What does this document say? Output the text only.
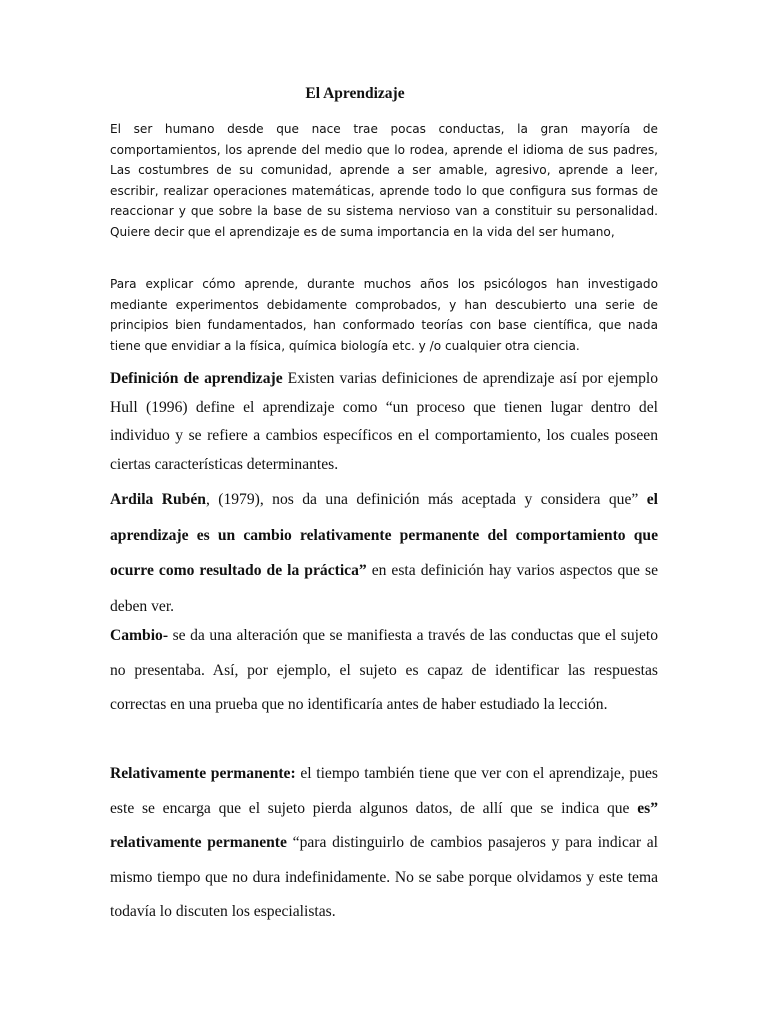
El Aprendizaje

El ser humano desde que nace trae pocas conductas, la gran mayoría de comportamientos, los aprende del medio que lo rodea, aprende el idioma de sus padres, Las costumbres de su comunidad, aprende a ser amable, agresivo, aprende a leer, escribir, realizar operaciones matemáticas, aprende todo lo que configura sus formas de reaccionar y que sobre la base de su sistema nervioso van a constituir su personalidad. Quiere decir que el aprendizaje es de suma importancia en la vida del ser humano,

Para explicar cómo aprende, durante muchos años los psicólogos han investigado mediante experimentos debidamente comprobados, y han descubierto una serie de principios bien fundamentados, han conformado teorías con base científica, que nada tiene que envidiar a la física, química biología etc. y /o cualquier otra ciencia.

Definición de aprendizaje Existen varias definiciones de aprendizaje así por ejemplo Hull (1996) define el aprendizaje como “un proceso que tienen lugar dentro del individuo y se refiere a cambios específicos en el comportamiento, los cuales poseen ciertas características determinantes.

Ardila Rubén, (1979), nos da una definición más aceptada y considera que” el aprendizaje es un cambio relativamente permanente del comportamiento que ocurre como resultado de la práctica” en esta definición hay varios aspectos que se deben ver.

Cambio- se da una alteración que se manifiesta a través de las conductas que el sujeto no presentaba. Así, por ejemplo, el sujeto es capaz de identificar las respuestas correctas en una prueba que no identificaría antes de haber estudiado la lección.

Relativamente permanente: el tiempo también tiene que ver con el aprendizaje, pues este se encarga que el sujeto pierda algunos datos, de allí que se indica que es” relativamente permanente “para distinguirlo de cambios pasajeros y para indicar al mismo tiempo que no dura indefinidamente. No se sabe porque olvidamos y este tema todavía lo discuten los especialistas.
